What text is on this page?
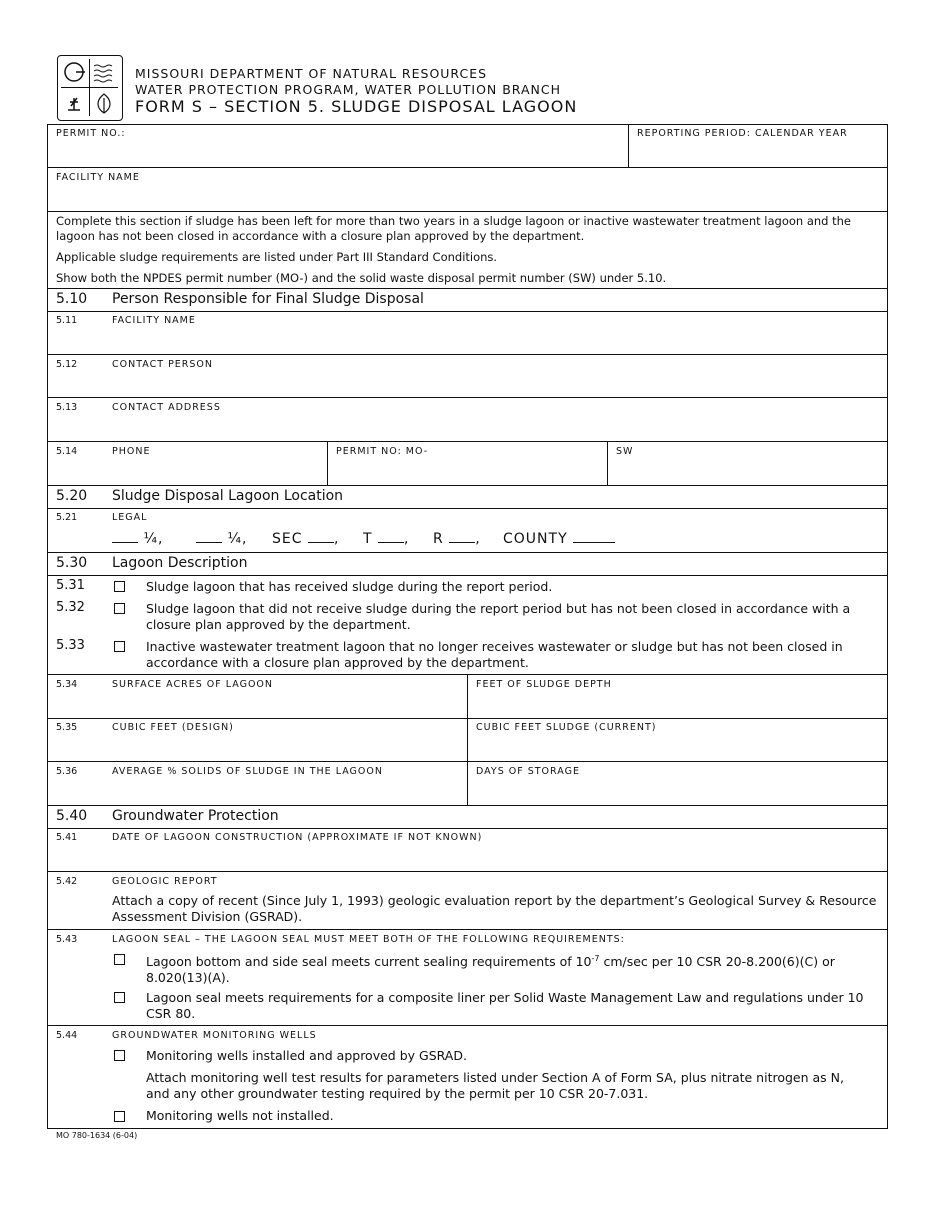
MISSOURI DEPARTMENT OF NATURAL RESOURCES
WATER PROTECTION PROGRAM, WATER POLLUTION BRANCH
FORM S – SECTION 5. SLUDGE DISPOSAL LAGOON
PERMIT NO.:	REPORTING PERIOD: CALENDAR YEAR
FACILITY NAME
Complete this section if sludge has been left for more than two years in a sludge lagoon or inactive wastewater treatment lagoon and the lagoon has not been closed in accordance with a closure plan approved by the department.
Applicable sludge requirements are listed under Part III Standard Conditions.
Show both the NPDES permit number (MO-) and the solid waste disposal permit number (SW) under 5.10.
5.10 Person Responsible for Final Sludge Disposal
5.11	FACILITY NAME
5.12	CONTACT PERSON
5.13	CONTACT ADDRESS
5.14	PHONE	PERMIT NO: MO-	SW
5.20 Sludge Disposal Lagoon Location
5.21	LEGAL
¼,	¼, SEC , T , R , COUNTY
5.30 Lagoon Description
5.31	Sludge lagoon that has received sludge during the report period.
5.32	Sludge lagoon that did not receive sludge during the report period but has not been closed in accordance with a closure plan approved by the department.
5.33	Inactive wastewater treatment lagoon that no longer receives wastewater or sludge but has not been closed in accordance with a closure plan approved by the department.
5.34	SURFACE ACRES OF LAGOON	FEET OF SLUDGE DEPTH
5.35	CUBIC FEET (DESIGN)	CUBIC FEET SLUDGE (CURRENT)
5.36	AVERAGE % SOLIDS OF SLUDGE IN THE LAGOON	DAYS OF STORAGE
5.40 Groundwater Protection
5.41	DATE OF LAGOON CONSTRUCTION (APPROXIMATE IF NOT KNOWN)
5.42	GEOLOGIC REPORT
Attach a copy of recent (Since July 1, 1993) geologic evaluation report by the department’s Geological Survey & Resource Assessment Division (GSRAD).
5.43	LAGOON SEAL – THE LAGOON SEAL MUST MEET BOTH OF THE FOLLOWING REQUIREMENTS:
Lagoon bottom and side seal meets current sealing requirements of $10^{-7}$ cm/sec per 10 CSR 20-8.200(6)(C) or 8.020(13)(A).
Lagoon seal meets requirements for a composite liner per Solid Waste Management Law and regulations under 10 CSR 80.
5.44	GROUNDWATER MONITORING WELLS
Monitoring wells installed and approved by GSRAD.
Attach monitoring well test results for parameters listed under Section A of Form SA, plus nitrate nitrogen as N, and any other groundwater testing required by the permit per 10 CSR 20-7.031.
Monitoring wells not installed.
MO 780-1634 (6-04)
